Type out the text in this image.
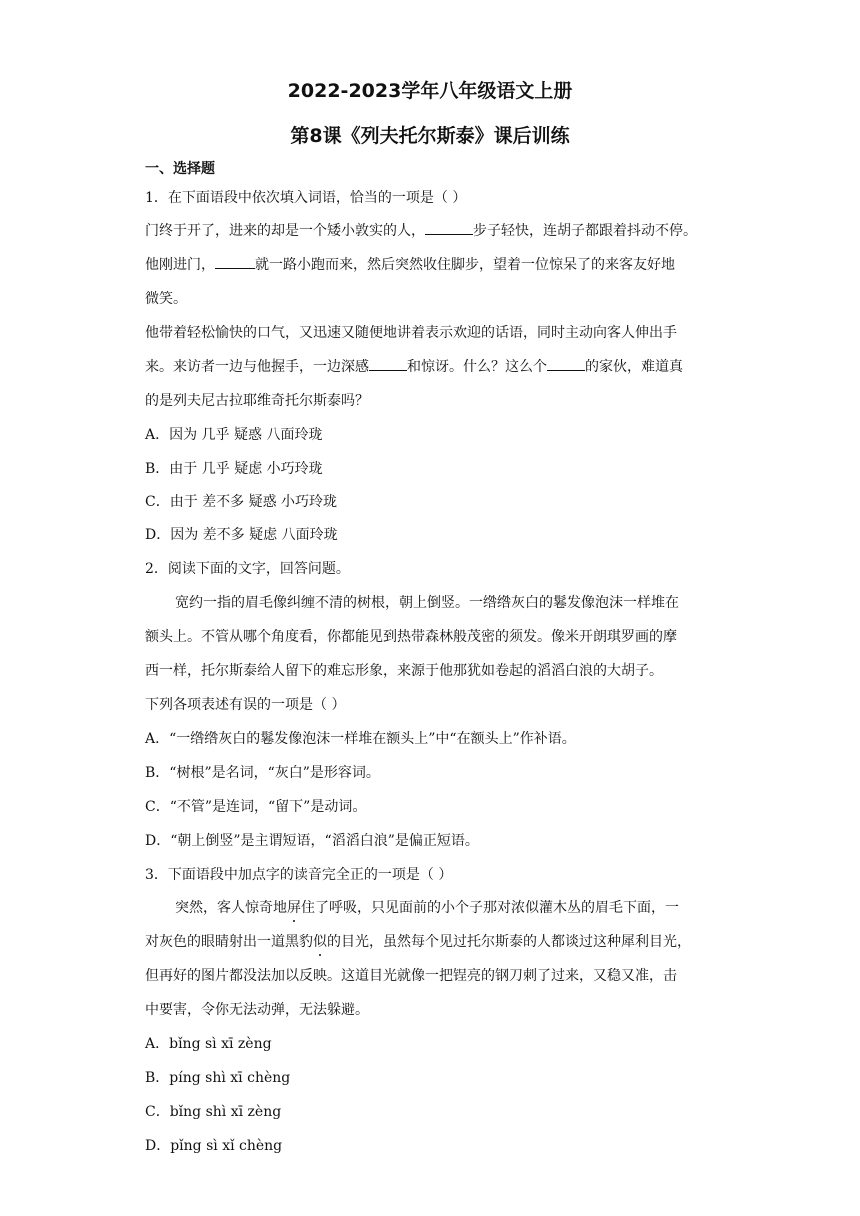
2022-2023学年八年级语文上册
第8课《列夫托尔斯泰》课后训练

一、选择题

1．在下面语段中依次填入词语，恰当的一项是（ ）

门终于开了，进来的却是一个矮小敦实的人，	步子轻快，连胡子都跟着抖动不停。

他刚进门，	就一路小跑而来，然后突然收住脚步，望着一位惊呆了的来客友好地

微笑。

他带着轻松愉快的口气，又迅速又随便地讲着表示欢迎的话语，同时主动向客人伸出手

来。来访者一边与他握手，一边深感	和惊讶。什么？这么个	的家伙，难道真

的是列夫尼古拉耶维奇托尔斯泰吗？

A．因为 几乎 疑惑 八面玲珑

B．由于 几乎 疑虑 小巧玲珑

C．由于 差不多 疑惑 小巧玲珑

D．因为 差不多 疑虑 八面玲珑

2．阅读下面的文字，回答问题。

宽约一指的眉毛像纠缠不清的树根，朝上倒竖。一绺绺灰白的鬈发像泡沫一样堆在

额头上。不管从哪个角度看，你都能见到热带森林般茂密的须发。像米开朗琪罗画的摩

西一样，托尔斯泰给人留下的难忘形象，来源于他那犹如卷起的滔滔白浪的大胡子。

下列各项表述有误的一项是（ ）

A．“一绺绺灰白的鬈发像泡沫一样堆在额头上”中“在额头上”作补语。

B．“树根”是名词，“灰白”是形容词。

C．“不管”是连词，“留下”是动词。

D．“朝上倒竖”是主谓短语，“滔滔白浪”是偏正短语。

3．下面语段中加点字的读音完全正的一项是（ ）

突然，客人惊奇地屏住了呼吸，只见面前的小个子那对浓似灌木丛的眉毛下面，一

对灰色的眼睛射出一道黑豹似的目光，虽然每个见过托尔斯泰的人都谈过这种犀利目光，

但再好的图片都没法加以反映。这道目光就像一把锃亮的钢刀刺了过来，又稳又准，击

中要害，令你无法动弹，无法躲避。

A．bǐng sì xī zèng

B．píng shì xī chèng

C．bǐng shì xī zèng

D．pǐng sì xǐ chèng
